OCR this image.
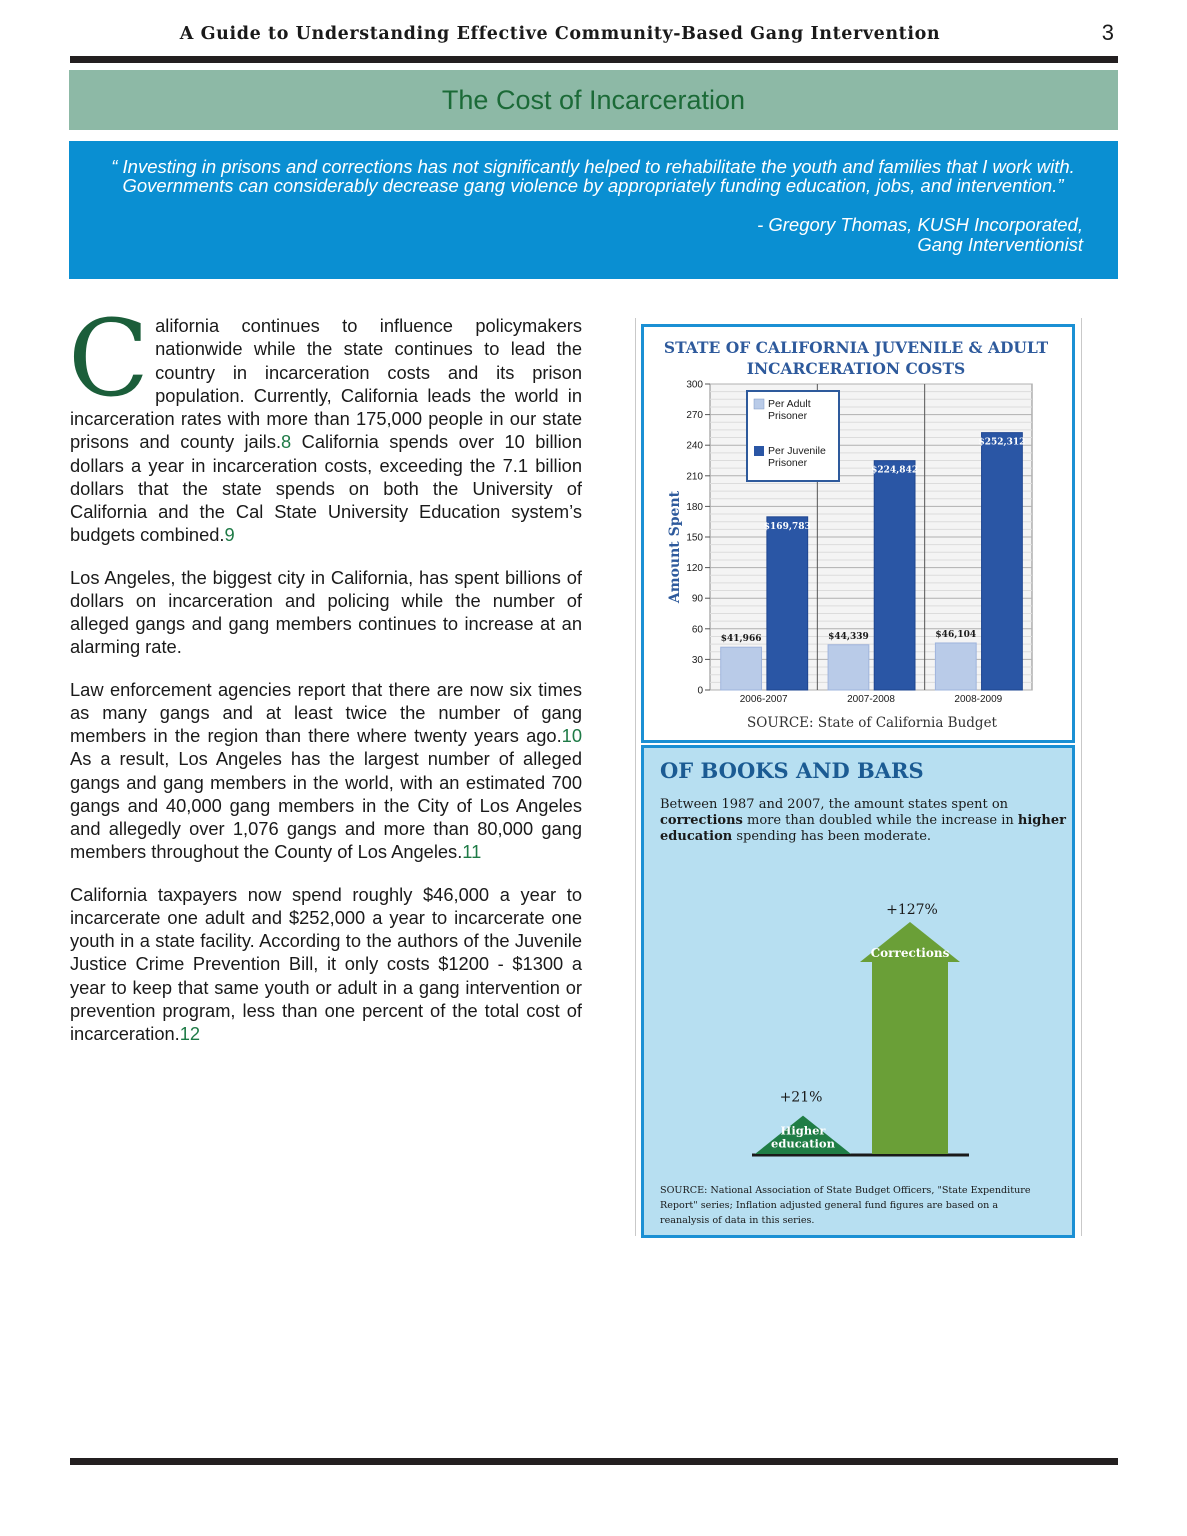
A Guide to Understanding Effective Community-Based Gang Intervention	3
The Cost of Incarceration

“ Investing in prisons and corrections has not significantly helped to rehabilitate the youth and families that I work with.
Governments can considerably decrease gang violence by appropriately funding education, jobs, and intervention.”

- Gregory Thomas, KUSH Incorporated,
Gang Interventionist

California continues to influence policymakers nationwide while the state continues to lead the country in incarceration costs and its prison population. Currently, California leads the world in incarceration rates with more than 175,000 people in our state prisons and county jails.8 California spends over 10 billion dollars a year in incarceration costs, exceeding the 7.1 billion dollars that the state spends on both the University of California and the Cal State University Education system’s budgets combined.9

Los Angeles, the biggest city in California, has spent billions of dollars on incarceration and policing while the number of alleged gangs and gang members continues to increase at an alarming rate.

Law enforcement agencies report that there are now six times as many gangs and at least twice the number of gang members in the region than there where twenty years ago.10 As a result, Los Angeles has the largest number of alleged gangs and gang members in the world, with an estimated 700 gangs and 40,000 gang members in the City of Los Angeles and allegedly over 1,076 gangs and more than 80,000 gang members throughout the County of Los Angeles.11

California taxpayers now spend roughly $46,000 a year to incarcerate one adult and $252,000 a year to incarcerate one youth in a state facility. According to the authors of the Juvenile Justice Crime Prevention Bill, it only costs $1200 - $1300 a year to keep that same youth or adult in a gang intervention or prevention program, less than one percent of the total cost of incarceration.12

STATE OF CALIFORNIA JUVENILE & ADULT
INCARCERATION COSTS
Amount Spent
0
30
60
90
120
150
180
210
240
270
300
2006-2007	2007-2008	2008-2009
$41,966
$169,783
$44,339
$224,842
$46,104
$252,312
Per Adult
Prisoner
Per Juvenile
Prisoner
SOURCE: State of California Budget
OF BOOKS AND BARS
Between 1987 and 2007, the amount states spent on
corrections more than doubled while the increase in higher
education spending has been moderate.
Corrections
+127%
Higher
education
+21%
SOURCE: National Association of State Budget Officers, "State Expenditure
Report" series; Inflation adjusted general fund figures are based on a
reanalysis of data in this series.
